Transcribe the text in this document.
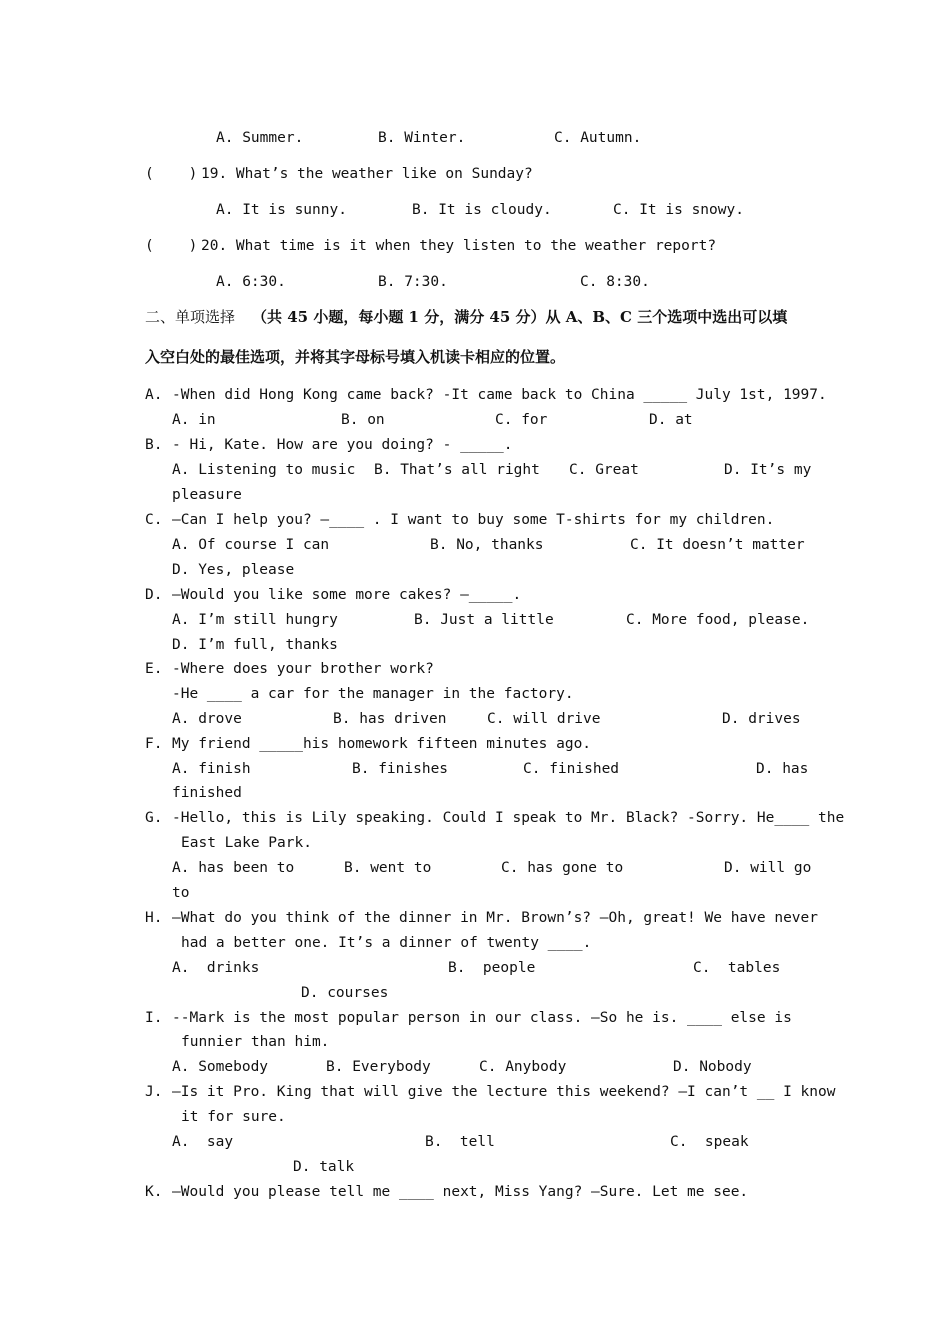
A. Summer.	B. Winter.	C. Autumn.
(    ) 19. What’s the weather like on Sunday?
A. It is sunny.	B. It is cloudy.	C. It is snowy.
(    ) 20. What time is it when they listen to the weather report?
A. 6:30.	B. 7:30.	C. 8:30.
二、单项选择 （共 45 小题，每小题 1 分，满分 45 分）从 A、B、C 三个选项中选出可以填
入空白处的最佳选项，并将其字母标号填入机读卡相应的位置。
A. -When did Hong Kong came back? -It came back to China _____ July 1st, 1997.
A. in	B. on	C. for	D. at
B. - Hi, Kate. How are you doing? - _____.
A. Listening to music B. That’s all right C. Great	D. It’s my
pleasure
C. —Can I help you? —____ . I want to buy some T-shirts for my children.
A. Of course I can	B. No, thanks	C. It doesn’t matter
D. Yes, please
D. —Would you like some more cakes? —_____.
A. I’m still hungry	B. Just a little	C. More food, please.
D. I’m full, thanks
E. -Where does your brother work?
-He ____ a car for the manager in the factory.
A. drove	B. has driven	C. will drive	D. drives
F. My friend _____his homework fifteen minutes ago.
A. finish	B. finishes	C. finished	D. has
finished
G. -Hello, this is Lily speaking. Could I speak to Mr. Black? -Sorry. He____ the
East Lake Park.
A. has been to	B. went to	C. has gone to	D. will go
to
H. —What do you think of the dinner in Mr. Brown’s? —Oh, great! We have never
had a better one. It’s a dinner of twenty ____.
A.  drinks	B.  people	C.  tables
D. courses
I. --Mark is the most popular person in our class. –So he is. ____ else is
funnier than him.
A. Somebody	B. Everybody	C. Anybody	D. Nobody
J. —Is it Pro. King that will give the lecture this weekend? —I can’t __ I know
it for sure.
A.  say	B.  tell	C.  speak
D. talk
K. —Would you please tell me ____ next, Miss Yang? —Sure. Let me see.
